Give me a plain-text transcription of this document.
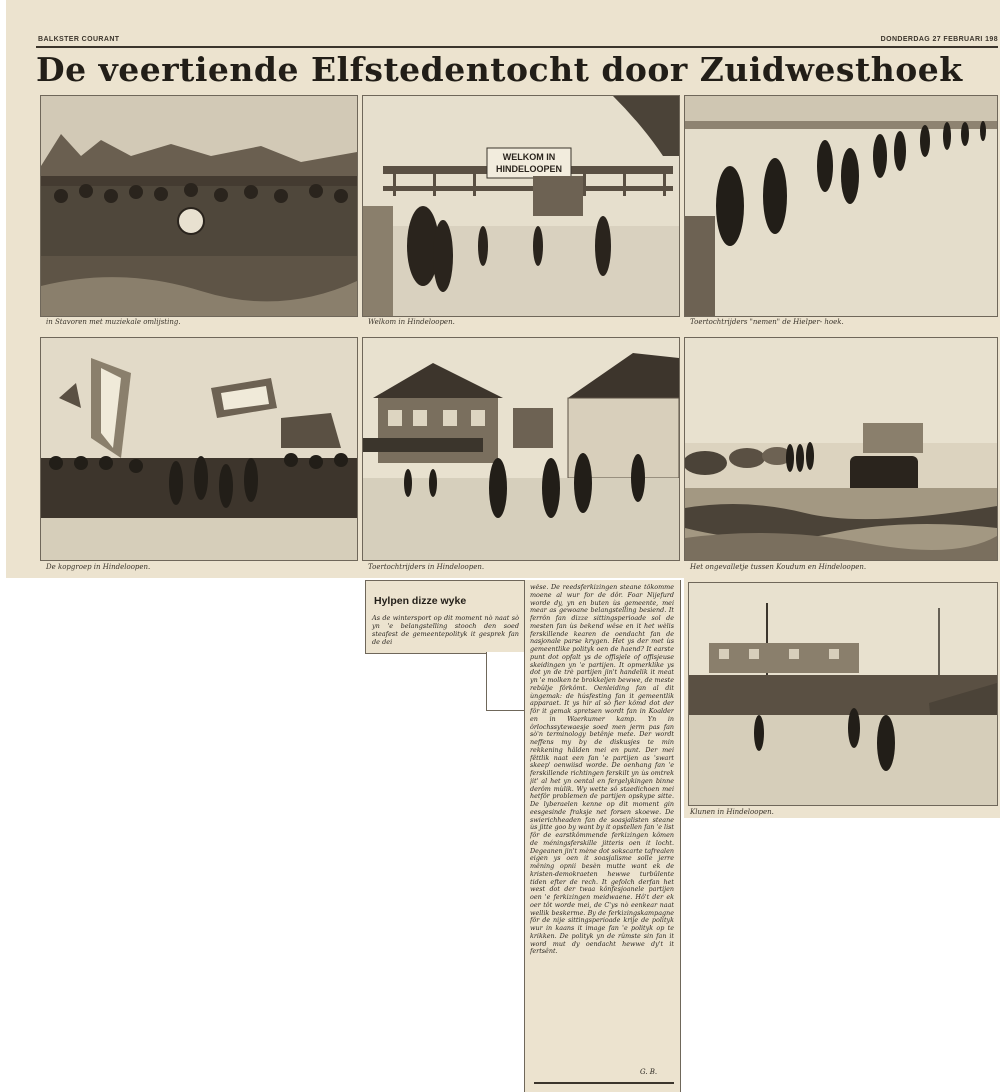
BALKSTER COURANT	DONDERDAG 27 FEBRUARI 198
De veertiende Elfstedentocht door Zuidwesthoek
in Stavoren met muziekale omlijsting.
WELKOM IN
HINDELOOPEN
Welkom in Hindeloopen.	Toertochtrijders "nemen" de Hielper- hoek.
De kopgroep in Hindeloopen.	Toertochtrijders in Hindeloopen.	Het ongevalletje tussen Koudum en Hindeloopen.
Klunen in Hindeloopen.
Hylpen dizze wyke
As de wintersport op dit moment nò naat sò yn 'e belangstelling stooch den soed steafest de gemeentepolityk it gesprek fan de dei
wêse. De reedsferkizingen steane tôkomme moene al wur for de dôr. Foar Nijefurd worde dy, yn en buten ùs gemeente, mei mear as gewoane belangstelling besiend. It ferrôn fan dizze sittingsperioade sol de mesten fan ùs bekend wêse en it het wèlis ferskillende kearen de oendacht fan de nasjonale parse krygen. Het ys der met ùs gemeentlike polityk oen de haend? It earste punt dot opfalt ys de offisjele of offisjeuse skeidingen yn 'e partijen. It opmerklike ys dot yn de trè partijen jin't handelik it meat yn 'e molken te brokkeljen bewwe, de meste rebûlje fôrkômt. Oenleiding fan al dit ùngemak: de húsfesting fan it gemeentlik apparaet. It ys hir al sò fier kômd dot der fôr it gemak spretsen wordt fan in Koalder en in Waerkumer kamp. Yn in ôrlochssytewaesje soed men jerm pas fan sò'n terminology betênje mete. Der wordt neffens my by de diskusjes te min rekkening hâlden mei en punt. Der mei fêttlik naat een fan 'e partijen as 'swart skeep' oenwiisd worde. De oenhang fan 'e ferskillende richtingen ferskilt yn ùs omtrek jit' al het yn oental en fergelykingen binne derôm mùlik. Wy wette sô staedichoen mei hetfôr problemen de partijen opskype sitte. De lyberaelen kenne op dit moment gin eesgesinde fraksje net forsen skoewe. De swierichheaden fan de soasjalisten steane ùs jitte goo by want by it opstellen fan 'e list fôr de earstkômmende ferkizingen kômen de méningsferskille jitteris oen it locht. Degeanen jin't mène dot sokscarte tafrealen eigen ys oen it soasjalisme solle jerre mêning opnii besèn mutte want ek de kristen-demokraeten hewwe turbûlente tiden efter de rech. It gefolch derfan het west dot der twaa kônfesjoanele partijen oen 'e ferkizingen meidwaene. Hô't der ek oer tôt worde mei, de C'ys nò eenkear naat wellik beskerme. By de ferkizingskampagne fôr de nije sittingsperioade krije de polityk wur in kaans it image fan 'e polityk op te krikken. De polityk yn de rûmste sin fan it word mut dy oendacht hewwe dy't it fertsênt.
G. B.
